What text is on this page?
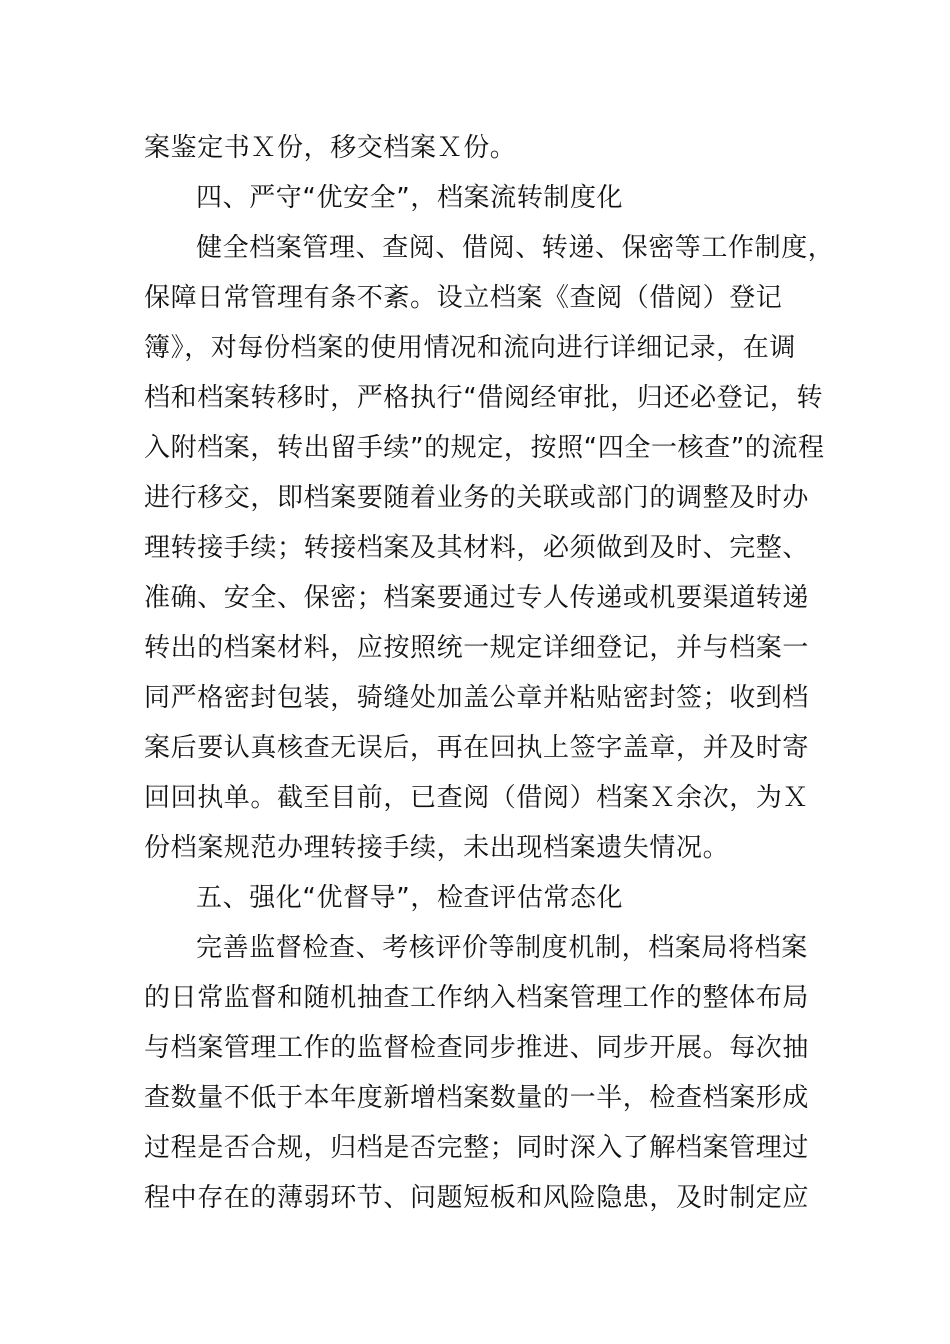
案鉴定书Ｘ份，移交档案Ｘ份。
四、严守“优安全”，档案流转制度化
健全档案管理、查阅、借阅、转递、保密等工作制度，
保障日常管理有条不紊。设立档案《查阅（借阅）登记
簿》，对每份档案的使用情况和流向进行详细记录，在调
档和档案转移时，严格执行“借阅经审批，归还必登记，转
入附档案，转出留手续”的规定，按照“四全一核查”的流程
进行移交，即档案要随着业务的关联或部门的调整及时办
理转接手续；转接档案及其材料，必须做到及时、完整、
准确、安全、保密；档案要通过专人传递或机要渠道转递
转出的档案材料，应按照统一规定详细登记，并与档案一
同严格密封包装，骑缝处加盖公章并粘贴密封签；收到档
案后要认真核查无误后，再在回执上签字盖章，并及时寄
回回执单。截至目前，已查阅（借阅）档案Ｘ余次，为Ｘ
份档案规范办理转接手续，未出现档案遗失情况。
五、强化“优督导”，检查评估常态化
完善监督检查、考核评价等制度机制，档案局将档案
的日常监督和随机抽查工作纳入档案管理工作的整体布局
与档案管理工作的监督检查同步推进、同步开展。每次抽
查数量不低于本年度新增档案数量的一半，检查档案形成
过程是否合规，归档是否完整；同时深入了解档案管理过
程中存在的薄弱环节、问题短板和风险隐患，及时制定应
